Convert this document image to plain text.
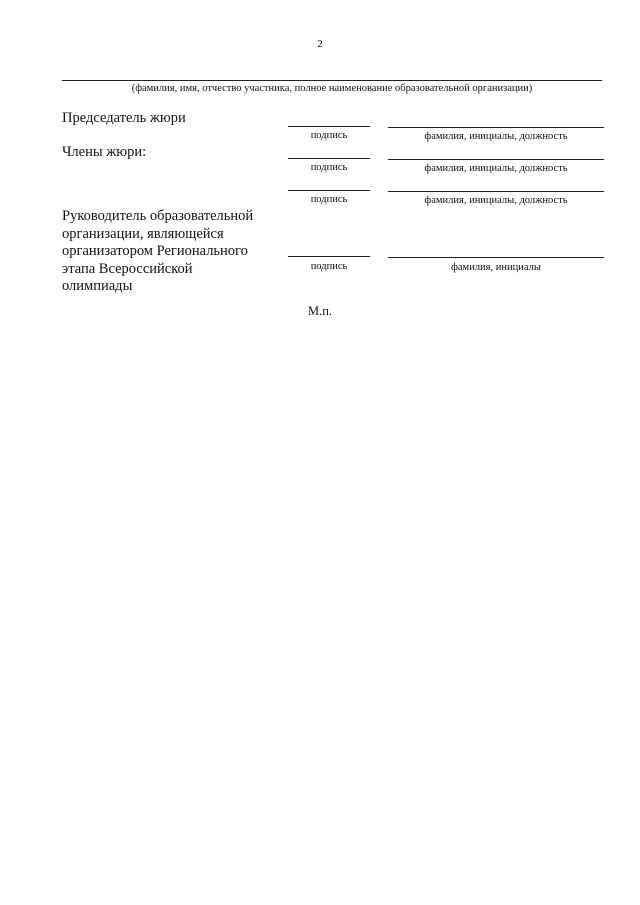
2
(фамилия, имя, отчество участника, полное наименование образовательной организации)
Председатель жюри
подпись	фамилия, инициалы, должность
Члены жюри:
подпись	фамилия, инициалы, должность
подпись	фамилия, инициалы, должность
Руководитель образовательной
организации, являющейся
организатором Регионального
этапа Всероссийской
олимпиады
подпись	фамилия, инициалы
М.п.
